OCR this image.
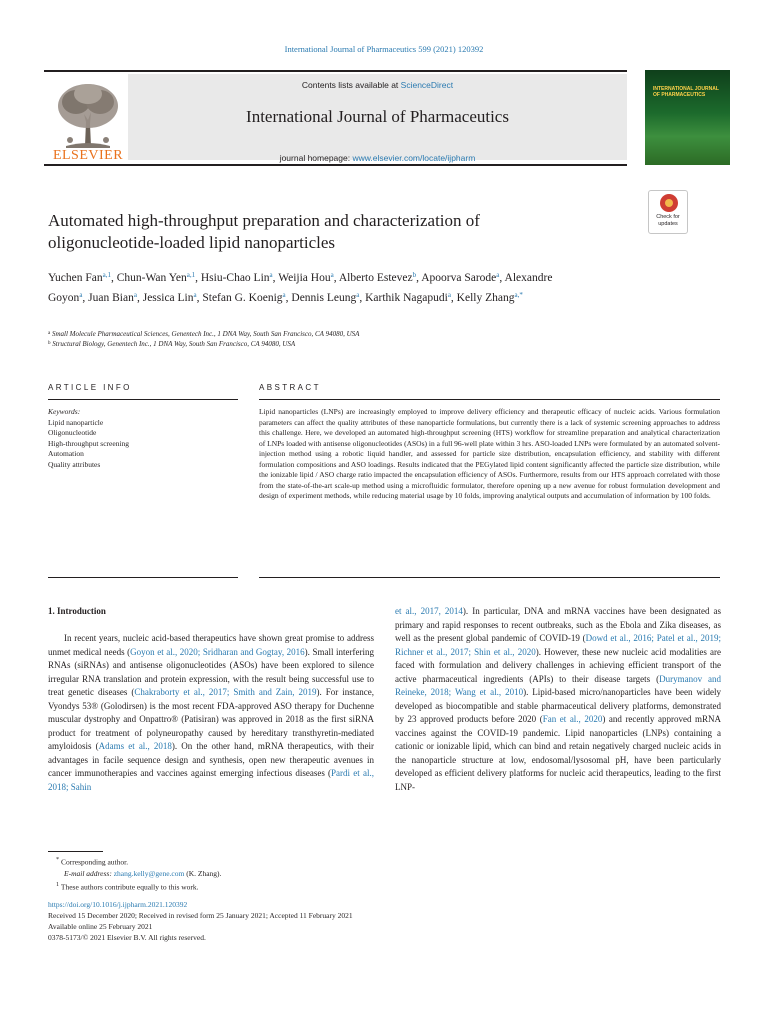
International Journal of Pharmaceutics 599 (2021) 120392
ELSEVIER
Contents lists available at ScienceDirect
International Journal of Pharmaceutics
journal homepage: www.elsevier.com/locate/ijpharm
INTERNATIONAL JOURNAL OF PHARMACEUTICS
Check for
updates
Automated high-throughput preparation and characterization of
oligonucleotide-loaded lipid nanoparticles
Yuchen Fan$^{a,1}$, Chun-Wan Yen$^{a,1}$, Hsiu-Chao Lin$^a$, Weijia Hou$^a$, Alberto Estevez$^b$, Apoorva Sarode$^a$, Alexandre Goyon$^a$, Juan Bian$^a$, Jessica Lin$^a$, Stefan G. Koenig$^a$, Dennis Leung$^a$, Karthik Nagapudi$^a$, Kelly Zhang$^{a,*}$
$^a$ Small Molecule Pharmaceutical Sciences, Genentech Inc., 1 DNA Way, South San Francisco, CA 94080, USA
$^b$ Structural Biology, Genentech Inc., 1 DNA Way, South San Francisco, CA 94080, USA
ARTICLE INFO	ABSTRACT
Keywords:
Lipid nanoparticle
Oligonucleotide
High-throughput screening
Automation
Quality attributes
Lipid nanoparticles (LNPs) are increasingly employed to improve delivery efficiency and therapeutic efficacy of nucleic acids. Various formulation parameters can affect the quality attributes of these nanoparticle formulations, but currently there is a lack of systemic screening approaches to address this challenge. Here, we developed an automated high-throughput screening (HTS) workflow for streamline preparation and analytical characterization of LNPs loaded with antisense oligonucleotides (ASOs) in a full 96-well plate within 3 hrs. ASO-loaded LNPs were formulated by an automated solvent-injection method using a robotic liquid handler, and assessed for particle size distribution, encapsulation efficiency, and stability with different formulation compositions and ASO loadings. Results indicated that the PEGylated lipid content significantly affected the particle size distribution, while the ionizable lipid / ASO charge ratio impacted the encapsulation efficiency of ASOs. Furthermore, results from our HTS approach correlated with those from the state-of-the-art scale-up method using a microfluidic formulator, therefore opening up a new avenue for robust formulation development and design of experiment methods, while reducing material usage by 10 folds, improving analytical outputs and accumulation of information by 100 folds.
1. Introduction
In recent years, nucleic acid-based therapeutics have shown great promise to address unmet medical needs (Goyon et al., 2020; Sridharan and Gogtay, 2016). Small interfering RNAs (siRNAs) and antisense oligonucleotides (ASOs) have been explored to silence irregular RNA translation and protein expression, with the result being successful use to treat genetic diseases (Chakraborty et al., 2017; Smith and Zain, 2019). For instance, Vyondys 53® (Golodirsen) is the most recent FDA-approved ASO therapy for Duchenne muscular dystrophy and Onpattro® (Patisiran) was approved in 2018 as the first siRNA product for treatment of polyneuropathy caused by hereditary transthyretin-mediated amyloidosis (Adams et al., 2018). On the other hand, mRNA therapeutics, with their advantages in facile sequence design and synthesis, open new therapeutic avenues in cancer immunotherapies and vaccines against emerging infectious diseases (Pardi et al., 2018; Sahin
et al., 2017, 2014). In particular, DNA and mRNA vaccines have been designated as primary and rapid responses to recent outbreaks, such as the Ebola and Zika diseases, as well as the present global pandemic of COVID-19 (Dowd et al., 2016; Patel et al., 2019; Richner et al., 2017; Shin et al., 2020). However, these new nucleic acid modalities are faced with formulation and delivery challenges in achieving efficient transport of the active pharmaceutical ingredients (APIs) to their disease targets (Durymanov and Reineke, 2018; Wang et al., 2010). Lipid-based micro/nanoparticles have been widely developed as biocompatible and stable pharmaceutical delivery platforms, demonstrated by 23 approved products before 2020 (Fan et al., 2020) and recently approved mRNA vaccines against the COVID-19 pandemic. Lipid nanoparticles (LNPs) containing a cationic or ionizable lipid, which can bind and retain negatively charged nucleic acids in the nanoparticle structure at low, endosomal/lysosomal pH, have been particularly developed as efficient delivery platforms for nucleic acid therapeutics, leading to the first LNP-
* Corresponding author.
E-mail address: zhang.kelly@gene.com (K. Zhang).
$^1$ These authors contribute equally to this work.
https://doi.org/10.1016/j.ijpharm.2021.120392
Received 15 December 2020; Received in revised form 25 January 2021; Accepted 11 February 2021
Available online 25 February 2021
0378-5173/© 2021 Elsevier B.V. All rights reserved.
